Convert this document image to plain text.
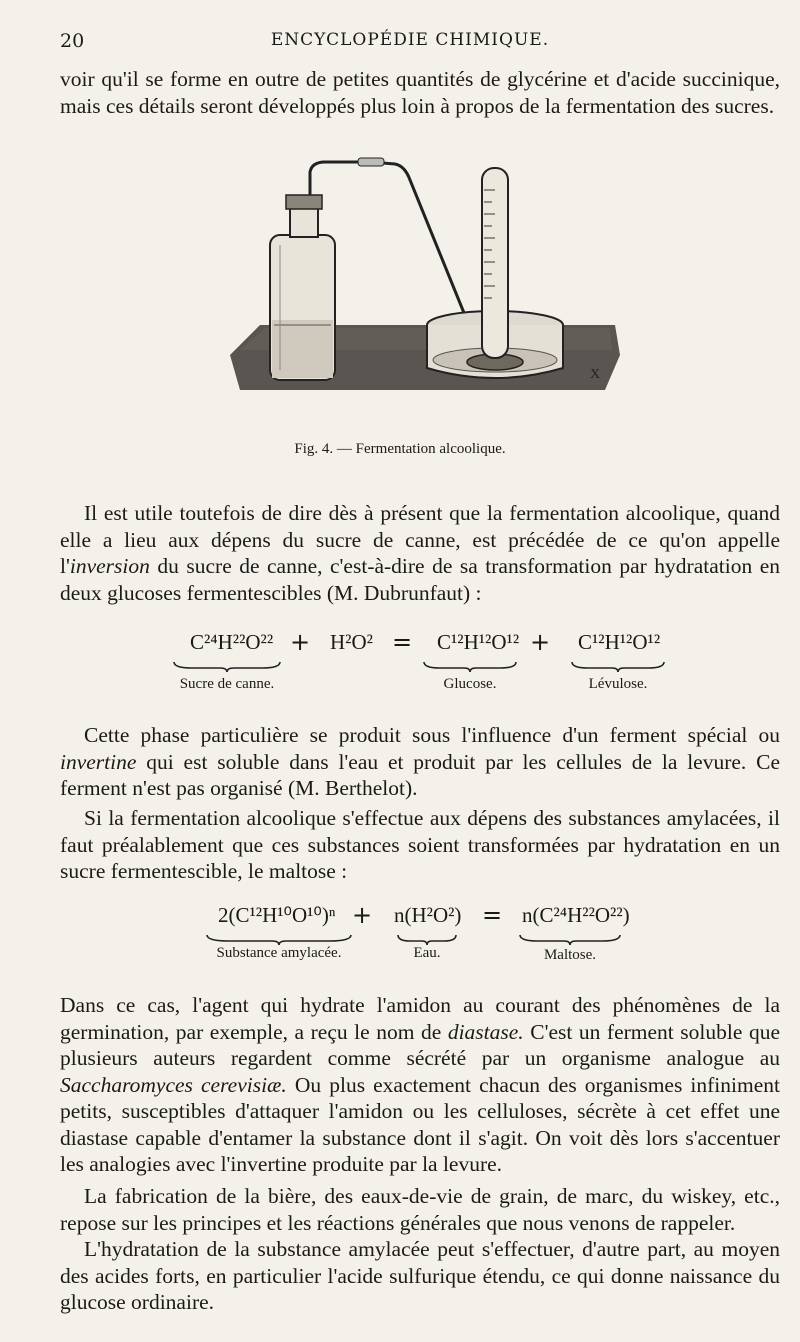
20	ENCYCLOPÉDIE CHIMIQUE.

voir qu'il se forme en outre de petites quantités de glycérine et d'acide succinique, mais ces détails seront développés plus loin à propos de la fermentation des sucres.

X
Fig. 4. — Fermentation alcoolique.

Il est utile toutefois de dire dès à présent que la fermentation alcoolique, quand elle a lieu aux dépens du sucre de canne, est précédée de ce qu'on appelle l'inversion du sucre de canne, c'est-à-dire de sa transformation par hydratation en deux glucoses fermentescibles (M. Dubrunfaut) :

C²⁴H²²O²² + H²O² = C¹²H¹²O¹² + C¹²H¹²O¹²
Sucre de canne.	Glucose.	Lévulose.

Cette phase particulière se produit sous l'influence d'un ferment spécial ou invertine qui est soluble dans l'eau et produit par les cellules de la levure. Ce ferment n'est pas organisé (M. Berthelot).

Si la fermentation alcoolique s'effectue aux dépens des substances amylacées, il faut préalablement que ces substances soient transformées par hydratation en un sucre fermentescible, le maltose :

2(C¹²H¹⁰O¹⁰)ⁿ + n(H²O²) = n(C²⁴H²²O²²)
Substance amylacée.	Eau.	Maltose.

Dans ce cas, l'agent qui hydrate l'amidon au courant des phénomènes de la germination, par exemple, a reçu le nom de diastase. C'est un ferment soluble que plusieurs auteurs regardent comme sécrété par un organisme analogue au Saccharomyces cerevisiæ. Ou plus exactement chacun des organismes infiniment petits, susceptibles d'attaquer l'amidon ou les celluloses, sécrète à cet effet une diastase capable d'entamer la substance dont il s'agit. On voit dès lors s'accentuer les analogies avec l'invertine produite par la levure.

La fabrication de la bière, des eaux-de-vie de grain, de marc, du wiskey, etc., repose sur les principes et les réactions générales que nous venons de rappeler.

L'hydratation de la substance amylacée peut s'effectuer, d'autre part, au moyen des acides forts, en particulier l'acide sulfurique étendu, ce qui donne naissance du glucose ordinaire.
